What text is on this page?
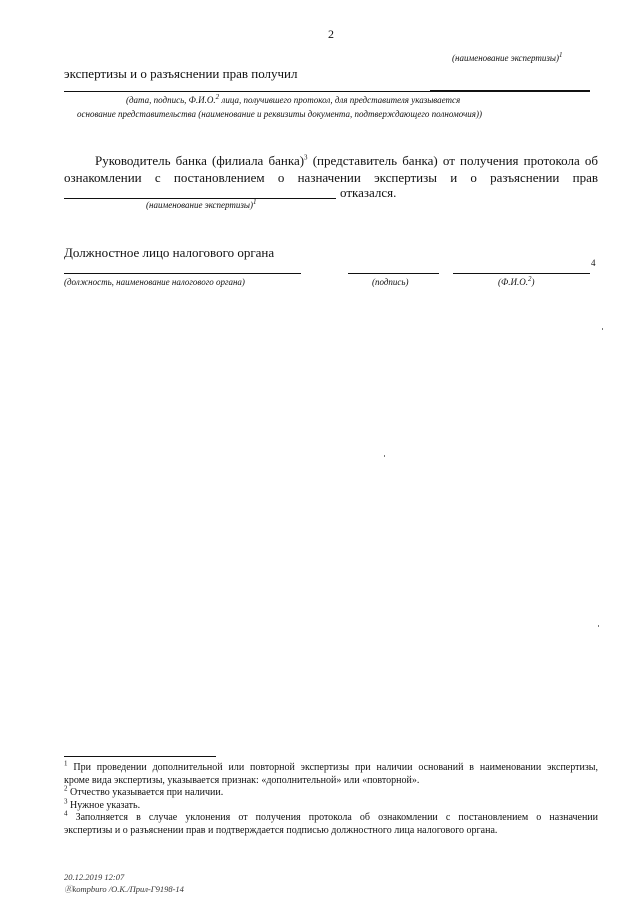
2
(наименование экспертизы)$^1$
экспертизы и о разъяснении прав получил
(дата, подпись, Ф.И.О.$^2$ лица, получившего протокол, для представителя указывается
основание представительства (наименование и реквизиты документа, подтверждающего полномочия))
Руководитель банка (филиала банка)$^3$ (представитель банка) от получения протокола об
ознакомлении с постановлением о назначении экспертизы и о разъяснении прав
отказался.
(наименование экспертизы)$^1$
Должностное лицо налогового органа
4
(должность, наименование налогового органа)	(подпись)	(Ф.И.О.$^2$)
$^1$ При проведении дополнительной или повторной экспертизы при наличии оснований в наименовании экспертизы,
кроме вида экспертизы, указывается признак: «дополнительной» или «повторной».
$^2$ Отчество указывается при наличии.
$^3$ Нужное указать.
$^4$ Заполняется в случае уклонения от получения протокола об ознакомлении с постановлением о назначении
экспертизы и о разъяснении прав и подтверждается подписью должностного лица налогового органа.
20.12.2019 12:07
Ⓡkompburo /O.K./Прил-Г9198-14
